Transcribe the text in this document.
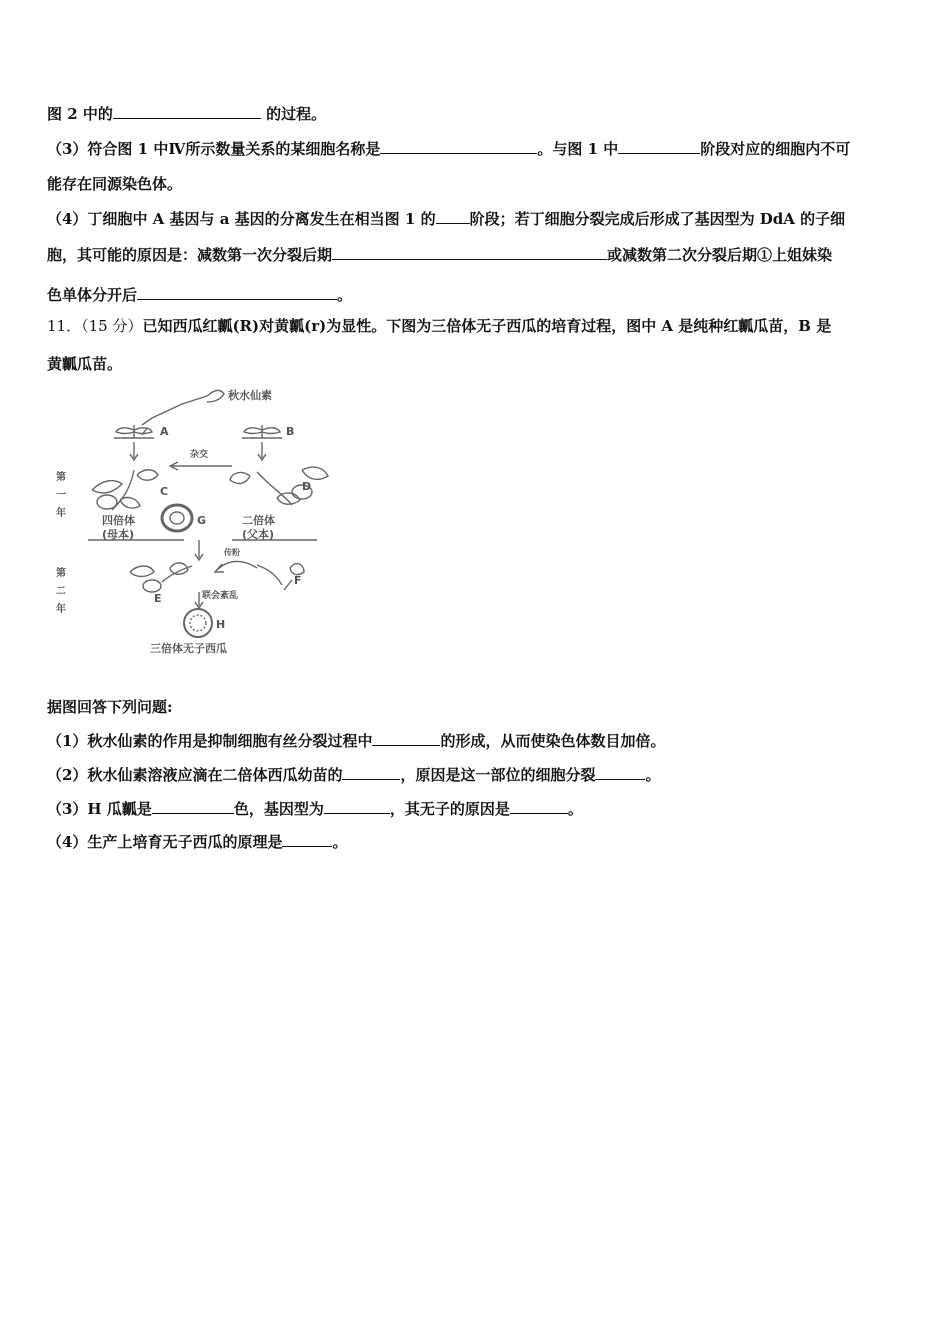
图 2 中的	的过程。
（3）符合图 1 中Ⅳ所示数量关系的某细胞名称是	。与图 1 中	阶段对应的细胞内不可
能存在同源染色体。
（4）丁细胞中 A 基因与 a 基因的分离发生在相当图 1 的 阶段；若丁细胞分裂完成后形成了基因型为 DdA 的子细
胞，其可能的原因是：减数第一次分裂后期	或减数第二次分裂后期①上姐妹染
色单体分开后	。
11．（15 分）已知西瓜红瓤(R)对黄瓤(r)为显性。下图为三倍体无子西瓜的培育过程，图中 A 是纯种红瓤瓜苗，B 是
黄瓤瓜苗。
秋水仙素
A	B
杂交
C	D
G
四倍体
(母本)
二倍体
(父本)
第
一
年
第
二
年
传粉
E
F
联会紊乱
H
三倍体无子西瓜
据图回答下列问题:
（1）秋水仙素的作用是抑制细胞有丝分裂过程中	的形成，从而使染色体数目加倍。
（2）秋水仙素溶液应滴在二倍体西瓜幼苗的	，原因是这一部位的细胞分裂	。
（3）H 瓜瓤是	色，基因型为	，其无子的原因是	。
（4）生产上培育无子西瓜的原理是	。
